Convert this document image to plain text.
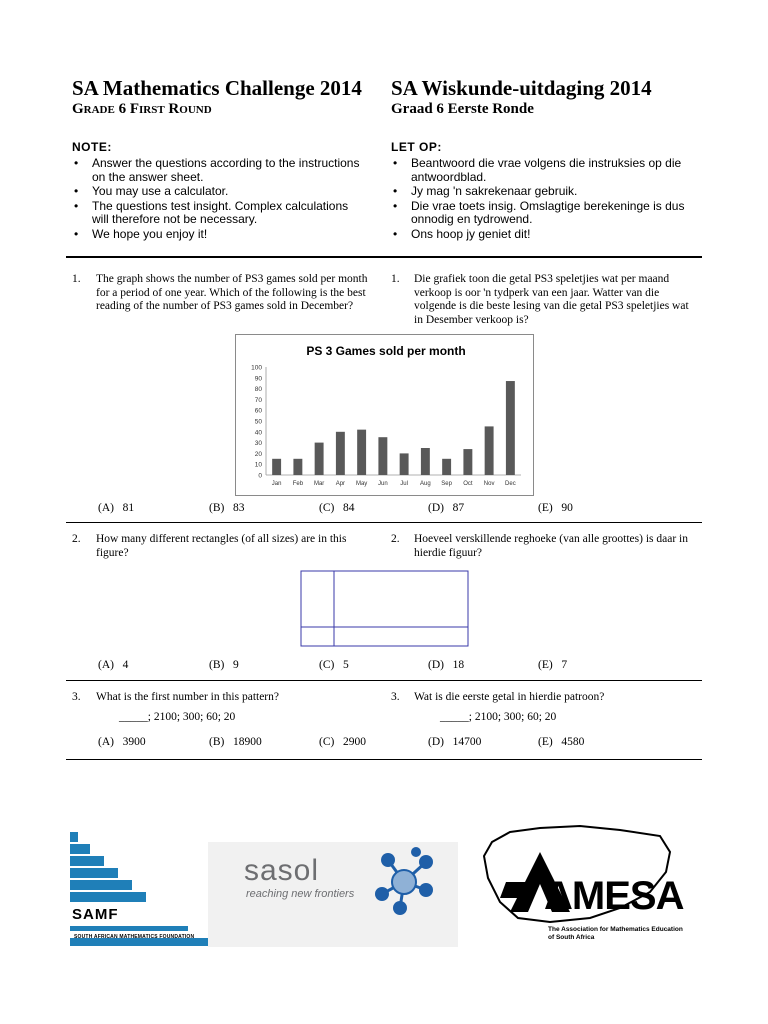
SA Mathematics Challenge 2014
Grade 6 First Round
SA Wiskunde-uitdaging 2014
Graad 6 Eerste Ronde
NOTE:
• Answer the questions according to the instructions on the answer sheet.
• You may use a calculator.
• The questions test insight. Complex calculations will therefore not be necessary.
• We hope you enjoy it!
LET OP:
• Beantwoord die vrae volgens die instruksies op die antwoordblad.
• Jy mag 'n sakrekenaar gebruik.
• Die vrae toets insig. Omslagtige berekeninge is dus onnodig en tydrowend.
• Ons hoop jy geniet dit!
1. The graph shows the number of PS3 games sold per month for a period of one year. Which of the following is the best reading of the number of PS3 games sold in December?
1. Die grafiek toon die getal PS3 speletjies wat per maand verkoop is oor 'n tydperk van een jaar. Watter van die volgende is die beste lesing van die getal PS3 speletjies wat in Desember verkoop is?
PS 3 Games sold per month
0
10
20
30
40
50
60
70
80
90
100
Jan Feb Mar Apr May Jun Jul Aug Sep Oct Nov Dec
(A) 81	(B) 83	(C) 84	(D) 87	(E) 90
2. How many different rectangles (of all sizes) are in this figure?
2. Hoeveel verskillende reghoeke (van alle groottes) is daar in hierdie figuur?
(A) 4	(B) 9	(C) 5	(D) 18	(E) 7
3. What is the first number in this pattern?
_____; 2100; 300; 60; 20
3. Wat is die eerste getal in hierdie patroon?
_____; 2100; 300; 60; 20
(A) 3900	(B) 18900	(C) 2900	(D) 14700	(E) 4580
SAMF
SOUTH AFRICAN MATHEMATICS FOUNDATION
sasol
reaching new frontiers	AMESA
The Association for Mathematics Education
of South Africa
